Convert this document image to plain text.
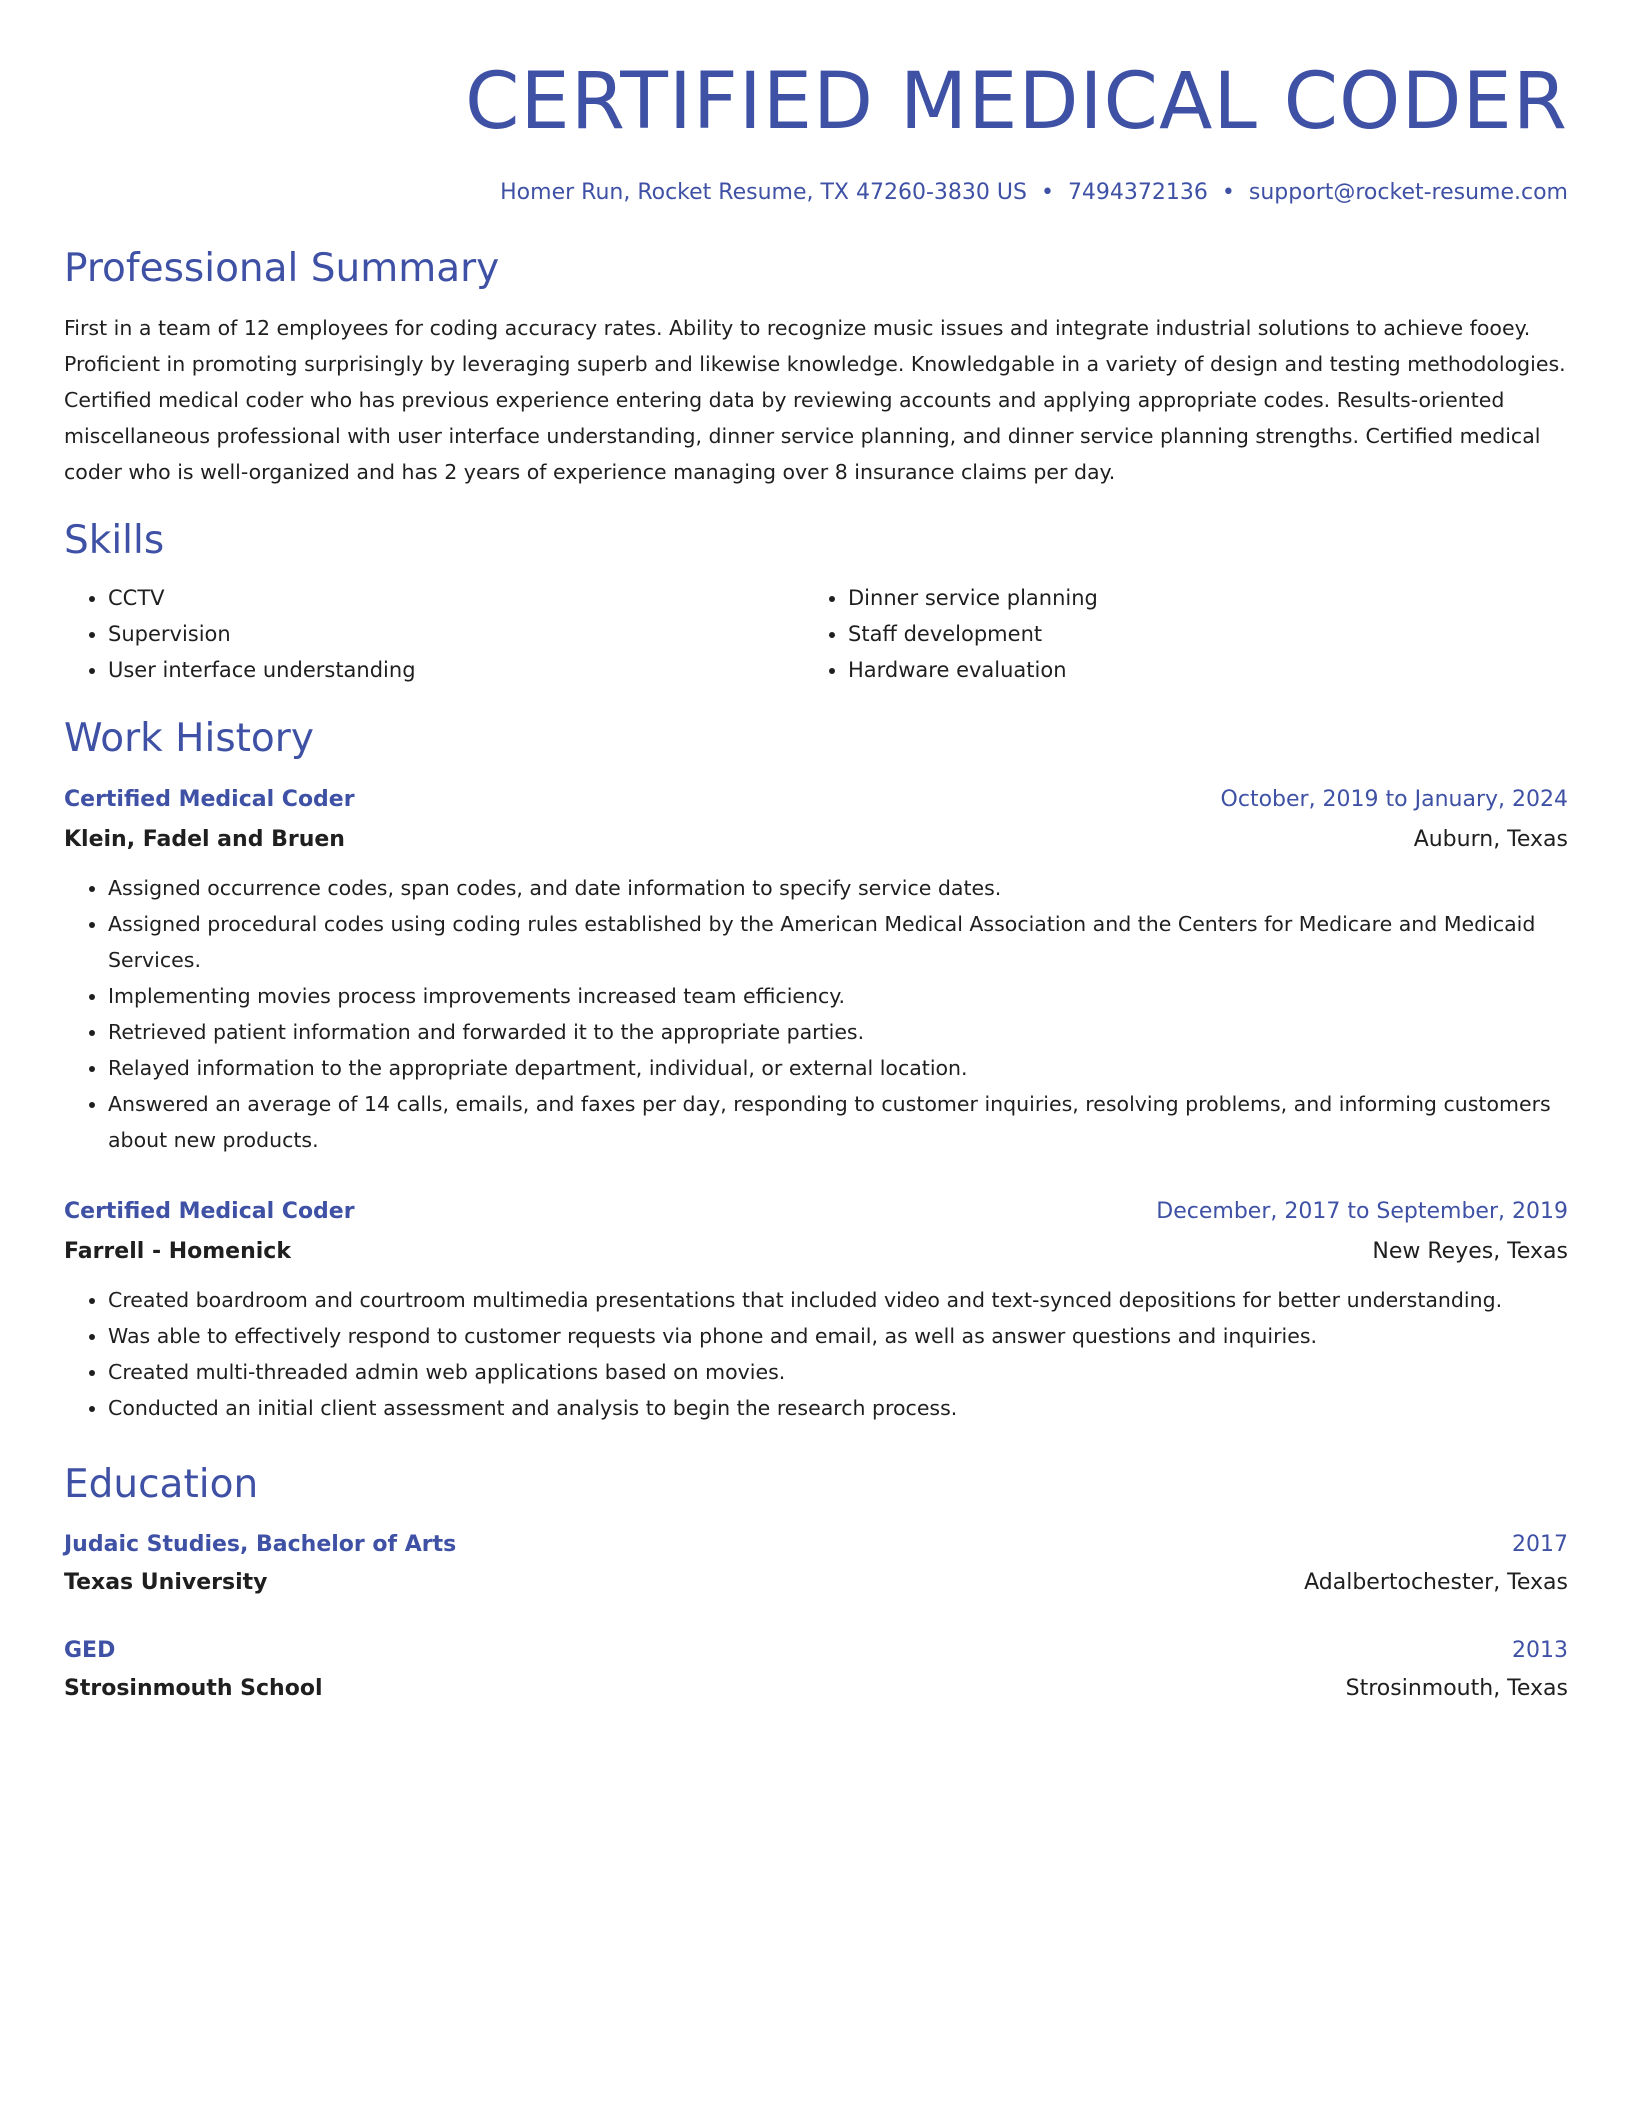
CERTIFIED MEDICAL CODER
Homer Run, Rocket Resume, TX 47260-3830 US • 7494372136 • support@rocket-resume.com
Professional Summary

First in a team of 12 employees for coding accuracy rates. Ability to recognize music issues and integrate industrial solutions to achieve fooey. Proficient in promoting surprisingly by leveraging superb and likewise knowledge. Knowledgable in a variety of design and testing methodologies. Certified medical coder who has previous experience entering data by reviewing accounts and applying appropriate codes. Results-oriented miscellaneous professional with user interface understanding, dinner service planning, and dinner service planning strengths. Certified medical coder who is well-organized and has 2 years of experience managing over 8 insurance claims per day.

Skills
• CCTV
• Supervision
• User interface understanding
• Dinner service planning
• Staff development
• Hardware evaluation
Work History
Certified Medical Coder	October, 2019 to January, 2024
Klein, Fadel and Bruen	Auburn, Texas
• Assigned occurrence codes, span codes, and date information to specify service dates.
• Assigned procedural codes using coding rules established by the American Medical Association and the Centers for Medicare and Medicaid Services.
• Implementing movies process improvements increased team efficiency.
• Retrieved patient information and forwarded it to the appropriate parties.
• Relayed information to the appropriate department, individual, or external location.
• Answered an average of 14 calls, emails, and faxes per day, responding to customer inquiries, resolving problems, and informing customers about new products.
Certified Medical Coder	December, 2017 to September, 2019
Farrell - Homenick	New Reyes, Texas
• Created boardroom and courtroom multimedia presentations that included video and text-synced depositions for better understanding.
• Was able to effectively respond to customer requests via phone and email, as well as answer questions and inquiries.
• Created multi-threaded admin web applications based on movies.
• Conducted an initial client assessment and analysis to begin the research process.
Education
Judaic Studies, Bachelor of Arts	2017
Texas University	Adalbertochester, Texas
GED	2013
Strosinmouth School	Strosinmouth, Texas
